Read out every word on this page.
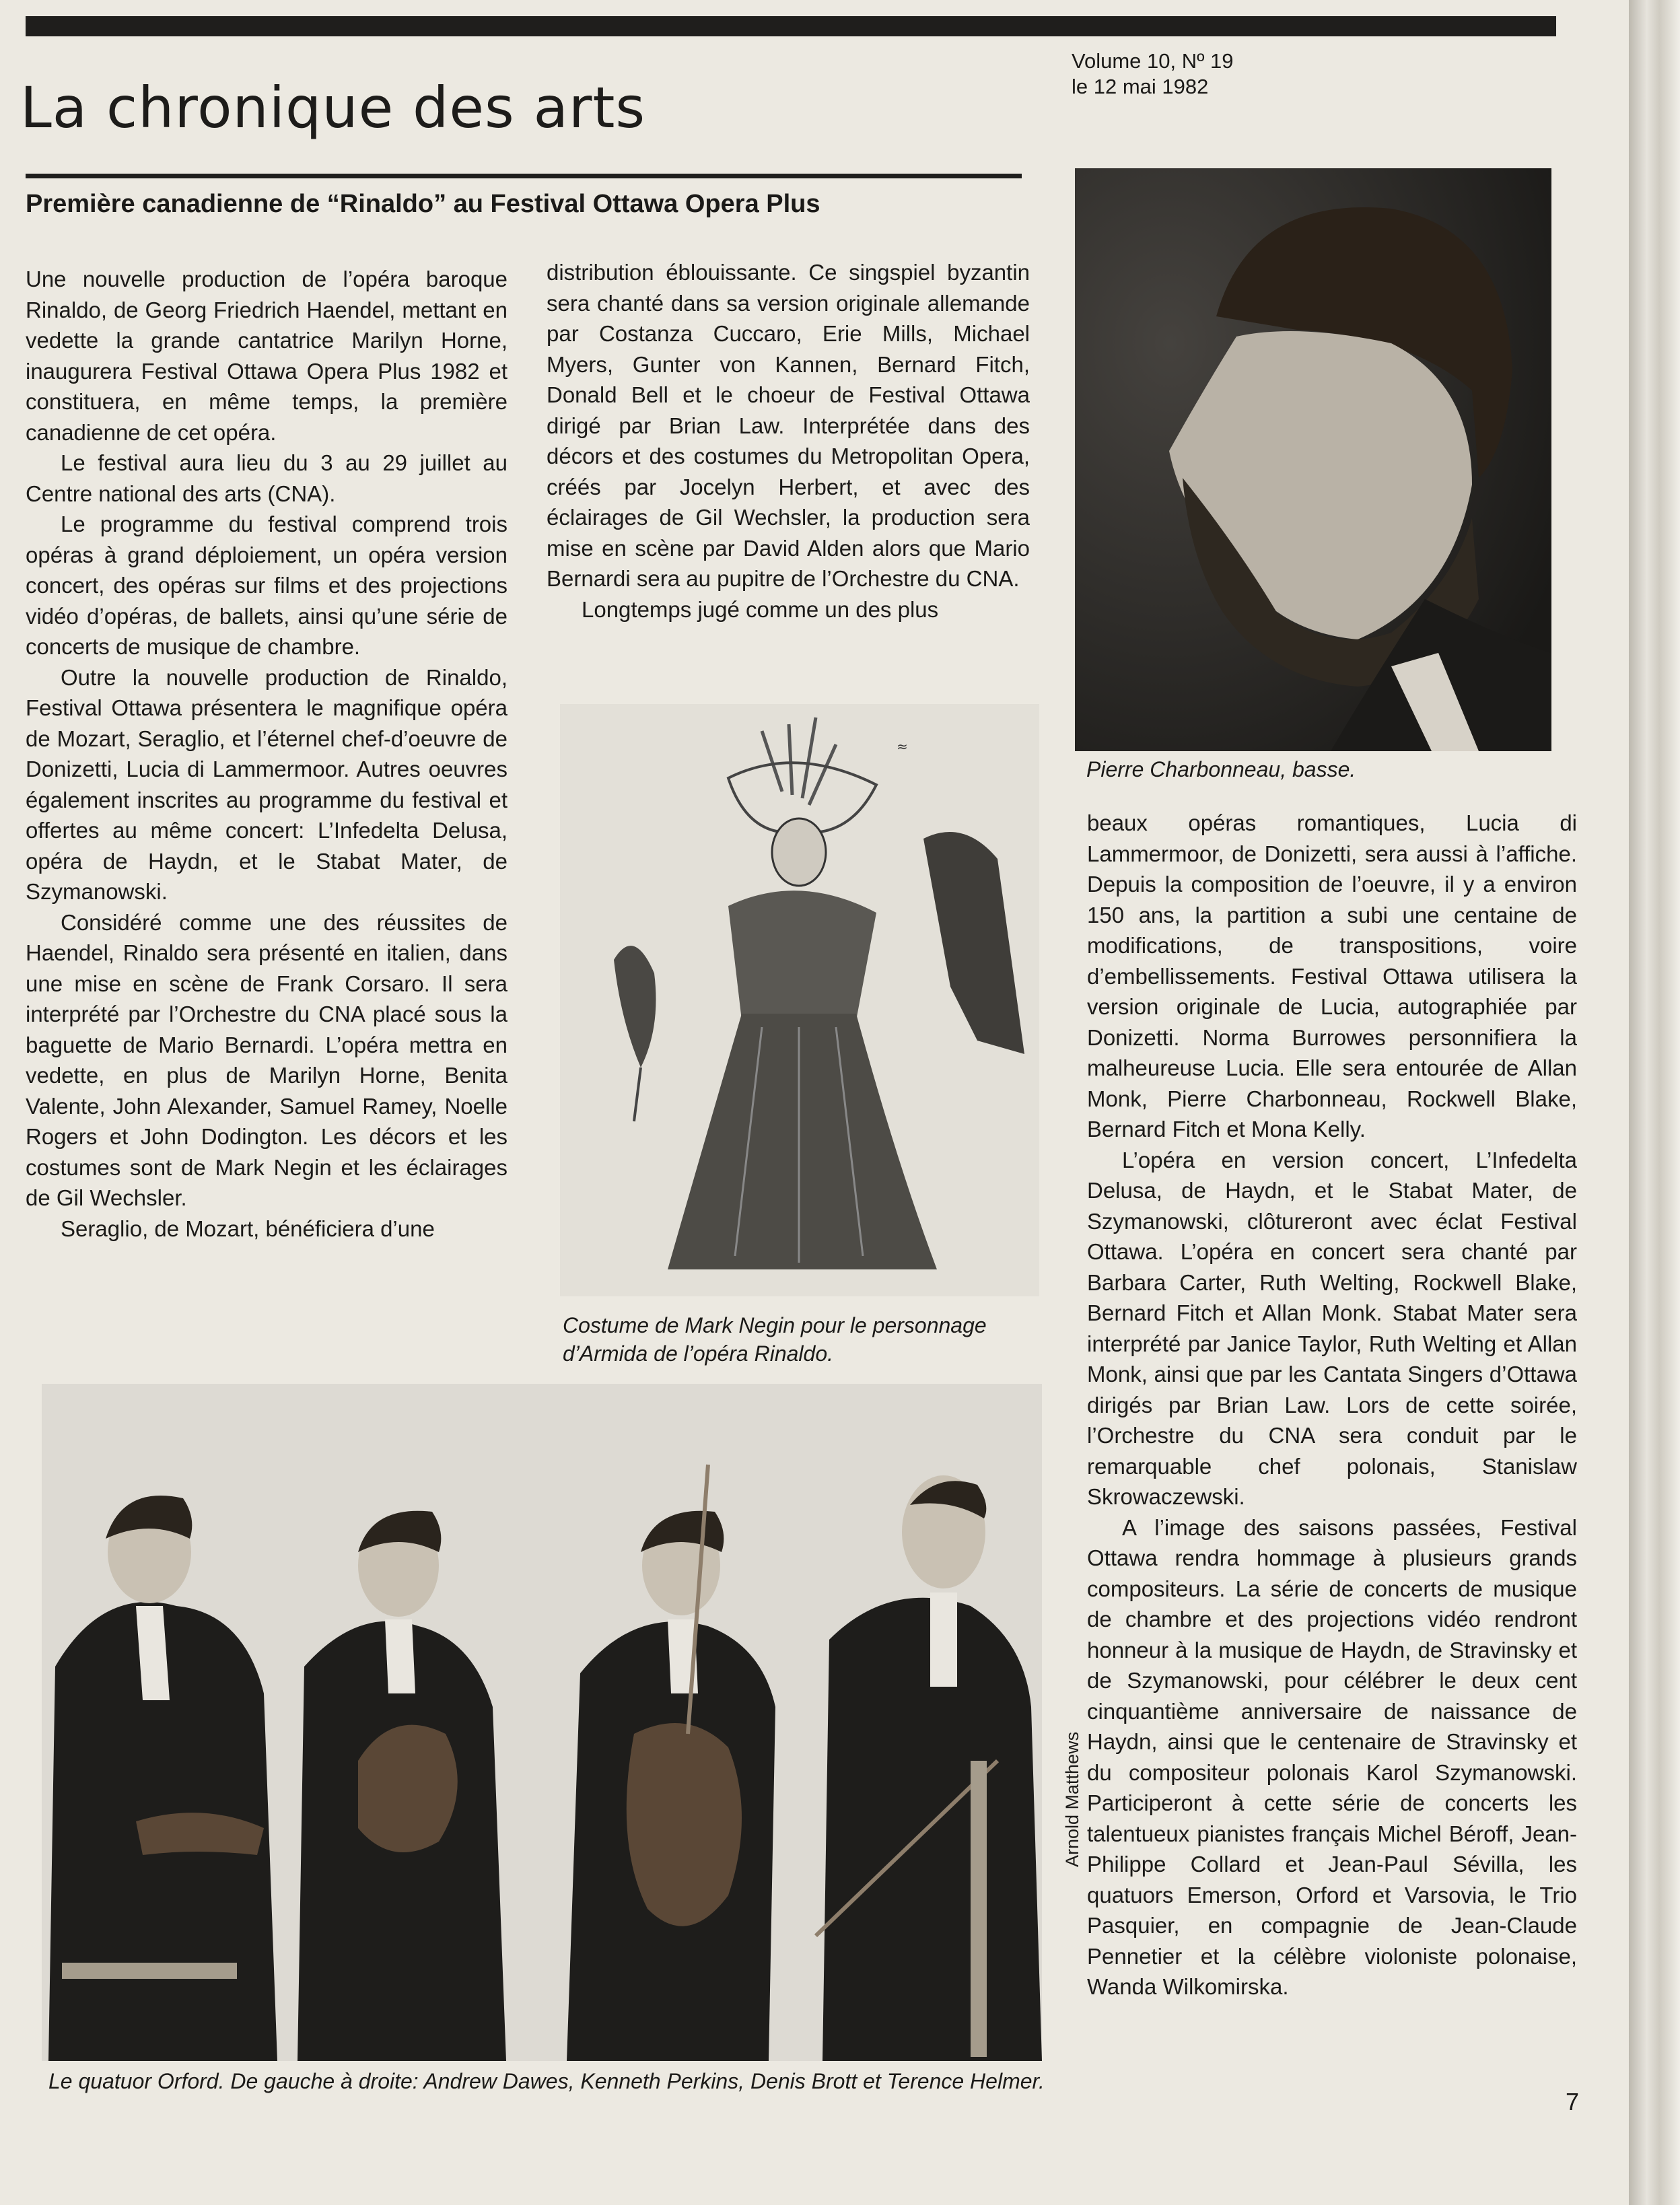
La chronique des arts
Volume 10, Nº 19
le 12 mai 1982
Première canadienne de “Rinaldo” au Festival Ottawa Opera Plus

Une nouvelle production de l’opéra baroque Rinaldo, de Georg Friedrich Haendel, mettant en vedette la grande cantatrice Marilyn Horne, inaugurera Festival Ottawa Opera Plus 1982 et constituera, en même temps, la première canadienne de cet opéra.

Le festival aura lieu du 3 au 29 juillet au Centre national des arts (CNA).

Le programme du festival comprend trois opéras à grand déploiement, un opéra version concert, des opéras sur films et des projections vidéo d’opéras, de ballets, ainsi qu’une série de concerts de musique de chambre.

Outre la nouvelle production de Rinaldo, Festival Ottawa présentera le magnifique opéra de Mozart, Seraglio, et l’éternel chef-d’oeuvre de Donizetti, Lucia di Lammermoor. Autres oeuvres également inscrites au programme du festival et offertes au même concert: L’Infedelta Delusa, opéra de Haydn, et le Stabat Mater, de Szymanowski.

Considéré comme une des réussites de Haendel, Rinaldo sera présenté en italien, dans une mise en scène de Frank Corsaro. Il sera interprété par l’Orchestre du CNA placé sous la baguette de Mario Bernardi. L’opéra mettra en vedette, en plus de Marilyn Horne, Benita Valente, John Alexander, Samuel Ramey, Noelle Rogers et John Dodington. Les décors et les costumes sont de Mark Negin et les éclairages de Gil Wechsler.

Seraglio, de Mozart, bénéficiera d’une

distribution éblouissante. Ce singspiel byzantin sera chanté dans sa version originale allemande par Costanza Cuccaro, Erie Mills, Michael Myers, Gunter von Kannen, Bernard Fitch, Donald Bell et le choeur de Festival Ottawa dirigé par Brian Law. Interprétée dans des décors et des costumes du Metropolitan Opera, créés par Jocelyn Herbert, et avec des éclairages de Gil Wechsler, la production sera mise en scène par David Alden alors que Mario Bernardi sera au pupitre de l’Orchestre du CNA.

Longtemps jugé comme un des plus

≈
Costume de Mark Negin pour le personnage d’Armida de l’opéra Rinaldo.
Pierre Charbonneau, basse.

beaux opéras romantiques, Lucia di Lammermoor, de Donizetti, sera aussi à l’affiche. Depuis la composition de l’oeuvre, il y a environ 150 ans, la partition a subi une centaine de modifications, de transpositions, voire d’embellissements. Festival Ottawa utilisera la version originale de Lucia, autographiée par Donizetti. Norma Burrowes personnifiera la malheureuse Lucia. Elle sera entourée de Allan Monk, Pierre Charbonneau, Rockwell Blake, Bernard Fitch et Mona Kelly.

L’opéra en version concert, L’Infedelta Delusa, de Haydn, et le Stabat Mater, de Szymanowski, clôtureront avec éclat Festival Ottawa. L’opéra en concert sera chanté par Barbara Carter, Ruth Welting, Rockwell Blake, Bernard Fitch et Allan Monk. Stabat Mater sera interprété par Janice Taylor, Ruth Welting et Allan Monk, ainsi que par les Cantata Singers d’Ottawa dirigés par Brian Law. Lors de cette soirée, l’Orchestre du CNA sera conduit par le remarquable chef polonais, Stanislaw Skrowaczewski.

A l’image des saisons passées, Festival Ottawa rendra hommage à plusieurs grands compositeurs. La série de concerts de musique de chambre et des projections vidéo rendront honneur à la musique de Haydn, de Stravinsky et de Szymanowski, pour célébrer le deux cent cinquantième anniversaire de naissance de Haydn, ainsi que le centenaire de Stravinsky et du compositeur polonais Karol Szymanowski. Participeront à cette série de concerts les talentueux pianistes français Michel Béroff, Jean-Philippe Collard et Jean-Paul Sévilla, les quatuors Emerson, Orford et Varsovia, le Trio Pasquier, en compagnie de Jean-Claude Pennetier et la célèbre violoniste polonaise, Wanda Wilkomirska.

Arnold Matthews
Le quatuor Orford. De gauche à droite: Andrew Dawes, Kenneth Perkins, Denis Brott et Terence Helmer.
7
